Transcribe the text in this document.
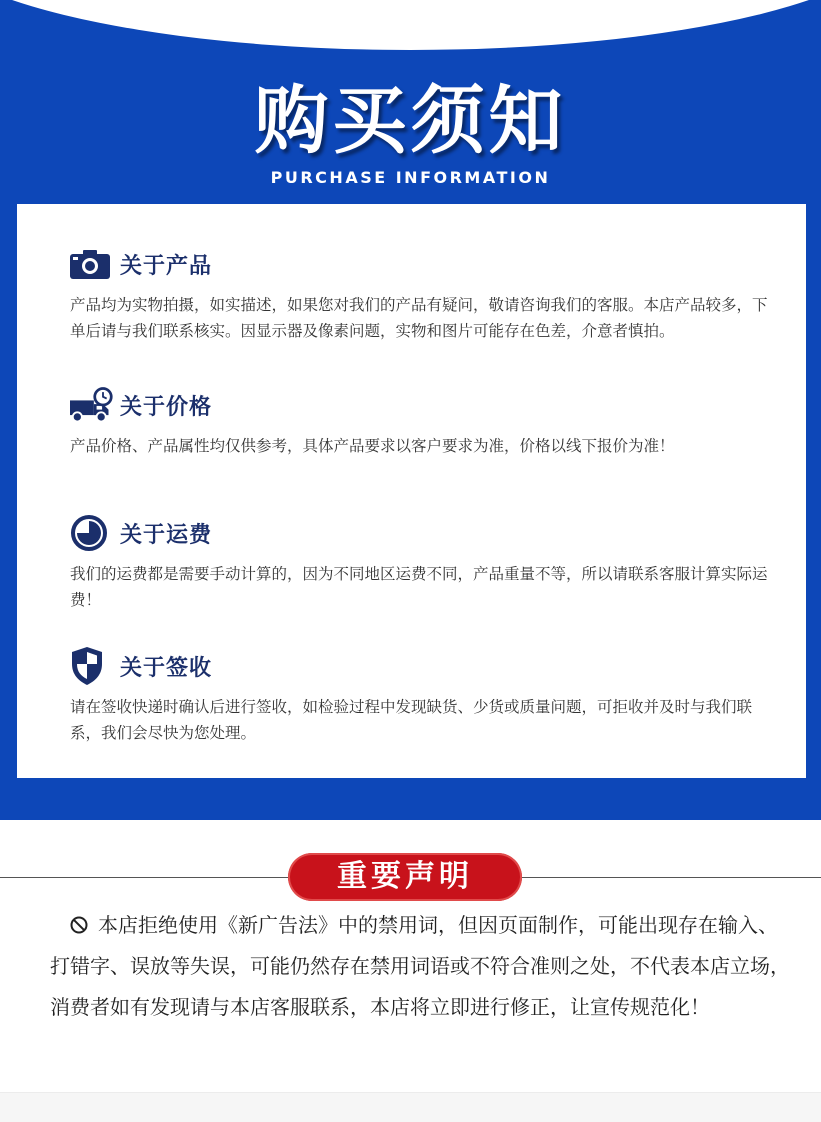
购买须知
PURCHASE INFORMATION
关于产品
产品均为实物拍摄，如实描述，如果您对我们的产品有疑问，敬请咨询我们的客服。本店产品较多，下单后请与我们联系核实。因显示器及像素问题，实物和图片可能存在色差，介意者慎拍。
关于价格
产品价格、产品属性均仅供参考，具体产品要求以客户要求为准，价格以线下报价为准！
关于运费
我们的运费都是需要手动计算的，因为不同地区运费不同，产品重量不等，所以请联系客服计算实际运费！
关于签收
请在签收快递时确认后进行签收，如检验过程中发现缺货、少货或质量问题，可拒收并及时与我们联系，我们会尽快为您处理。
重要声明
本店拒绝使用《新广告法》中的禁用词，但因页面制作，可能出现存在输入、打错字、误放等失误，可能仍然存在禁用词语或不符合准则之处，不代表本店立场，消费者如有发现请与本店客服联系，本店将立即进行修正，让宣传规范化！
